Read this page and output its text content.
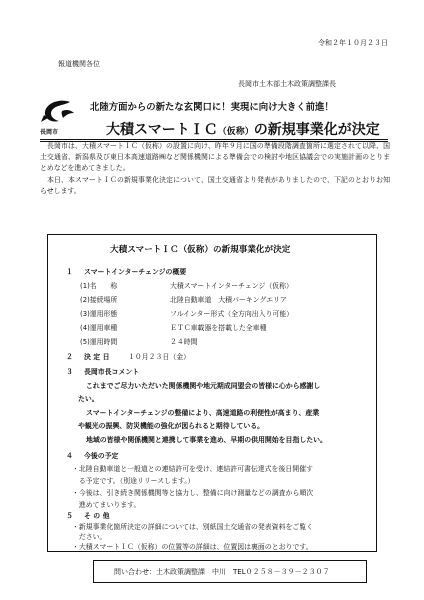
令和２年１０月２３日
報道機関各位
長岡市土木部土木政策調整課長
長岡市
北陸方面からの新たな玄関口に！実現に向け大きく前進！
大積スマートＩＣ（仮称）の新規事業化が決定

長岡市は、大積スマートＩＣ（仮称）の設置に向け、昨年９月に国の準備段階調査箇所に選定されて以降、国土交通省、新潟県及び東日本高速道路㈱など関係機関による準備会での検討や地区協議会での実施計画のとりまとめなどを進めてきました。

本日、本スマートＩＣの新規事業化決定について、国土交通省より発表がありましたので、下記のとおりお知らせします。

大積スマートＩＣ（仮称）の新規事業化が決定
１ スマートインターチェンジの概要
(1)名　　称	大積スマートインターチェンジ（仮称）
(2)接続場所	北陸自動車道　大積パーキングエリア
(3)運用形態	フルインター形式（全方向出入り可能）
(4)運用車種	ＥＴＣ車載器を搭載した全車種
(5)運用時間	２４時間
２ 決 定 日	１０月２３日（金）
３ 長岡市長コメント
これまでご尽力いただいた関係機関や地元期成同盟会の皆様に心から感謝し
たい。
スマートインターチェンジの整備により、高速道路の利便性が高まり、産業
や観光の振興、防災機能の強化が図られると期待している。
地域の皆様や関係機関と連携して事業を進め、早期の供用開始を目指したい。
４ 今後の予定
・北陸自動車道と一般道との連結許可を受け、連結許可書伝達式を後日開催す
　る予定です。（別途リリースします。）
・今後は、引き続き関係機関等と協力し、整備に向け測量などの調査から順次
　進めてまいります。
５ そ の 他
・新規事業化箇所決定の詳細については、別紙国土交通省の発表資料をご覧く
・大積スマートＩＣ（仮称）の位置等の詳細は、位置図は裏面のとおりです。
　ださい。
問い合わせ：土木政策調整課　中川　TEL０２５８－３９－２３０７
